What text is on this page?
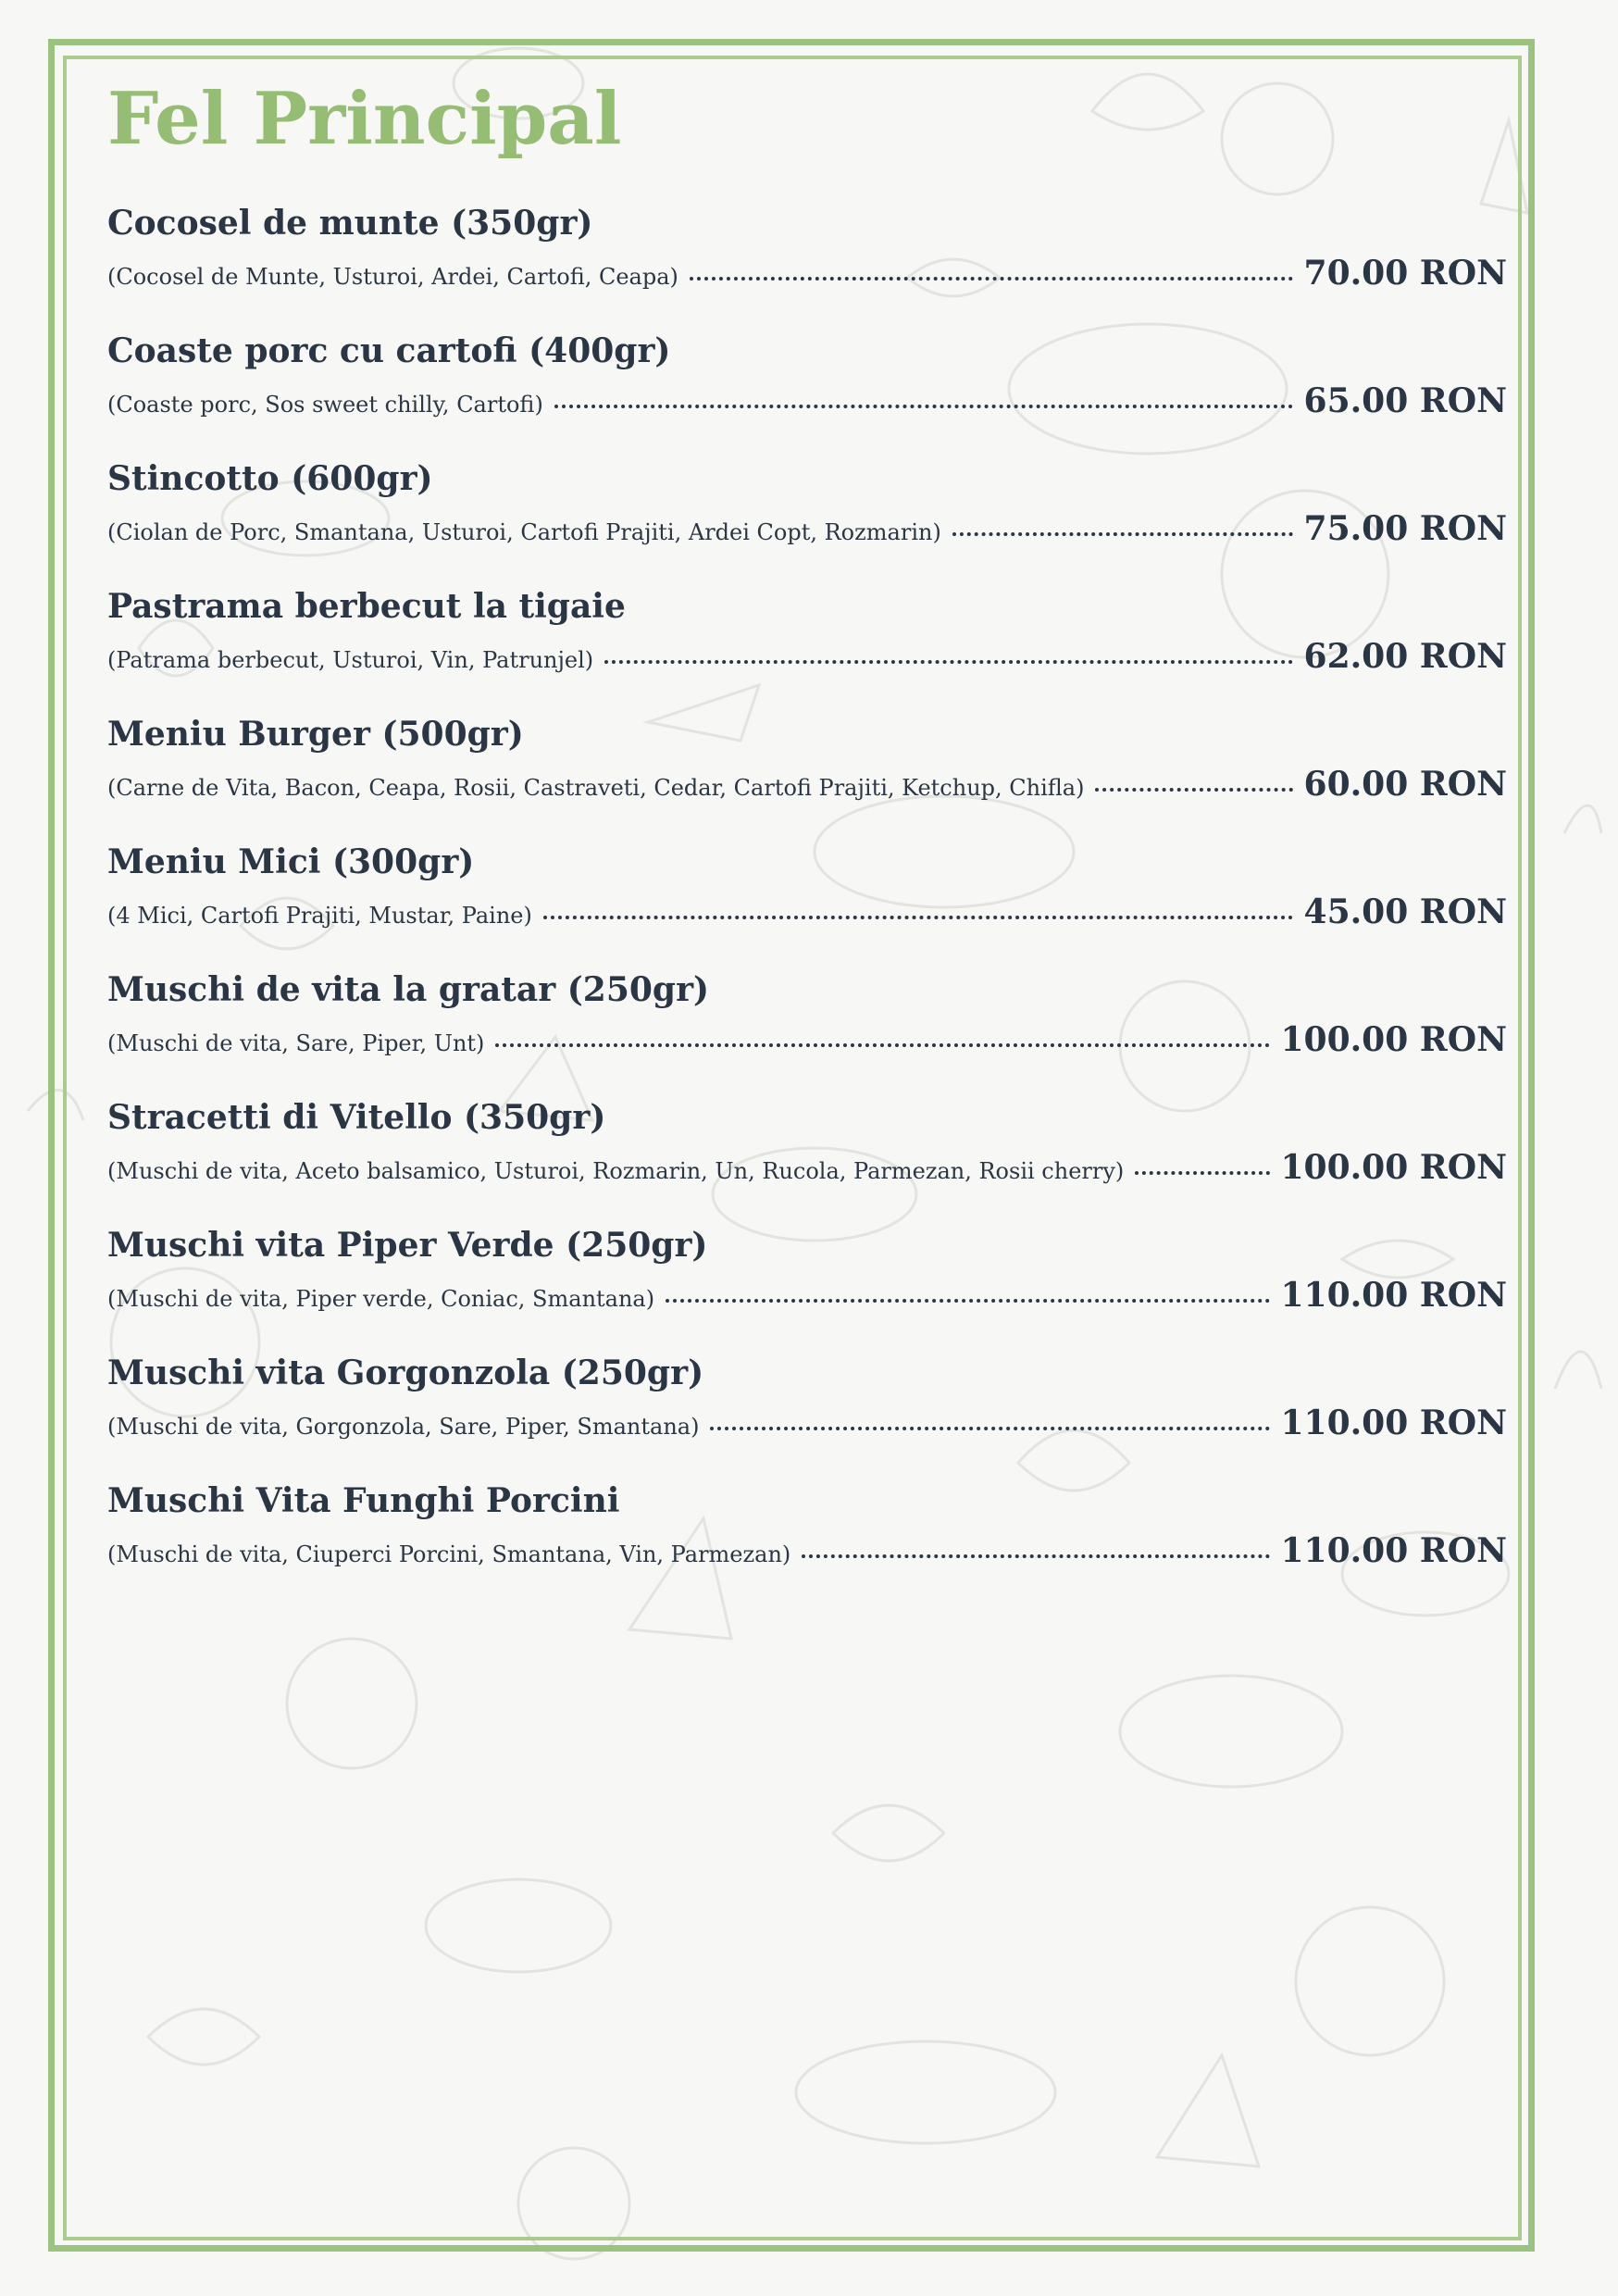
Fel Principal
Cocosel de munte (350gr)
(Cocosel de Munte, Usturoi, Ardei, Cartofi, Ceapa)	70.00 RON
Coaste porc cu cartofi (400gr)
(Coaste porc, Sos sweet chilly, Cartofi)	65.00 RON
Stincotto (600gr)
(Ciolan de Porc, Smantana, Usturoi, Cartofi Prajiti, Ardei Copt, Rozmarin)	75.00 RON
Pastrama berbecut la tigaie
(Patrama berbecut, Usturoi, Vin, Patrunjel)	62.00 RON
Meniu Burger (500gr)
(Carne de Vita, Bacon, Ceapa, Rosii, Castraveti, Cedar, Cartofi Prajiti, Ketchup, Chifla)	60.00 RON
Meniu Mici (300gr)
(4 Mici, Cartofi Prajiti, Mustar, Paine)	45.00 RON
Muschi de vita la gratar (250gr)
(Muschi de vita, Sare, Piper, Unt)	100.00 RON
Stracetti di Vitello (350gr)
(Muschi de vita, Aceto balsamico, Usturoi, Rozmarin, Un, Rucola, Parmezan, Rosii cherry)	100.00 RON
Muschi vita Piper Verde (250gr)
(Muschi de vita, Piper verde, Coniac, Smantana)	110.00 RON
Muschi vita Gorgonzola (250gr)
(Muschi de vita, Gorgonzola, Sare, Piper, Smantana)	110.00 RON
Muschi Vita Funghi Porcini
(Muschi de vita, Ciuperci Porcini, Smantana, Vin, Parmezan)	110.00 RON
